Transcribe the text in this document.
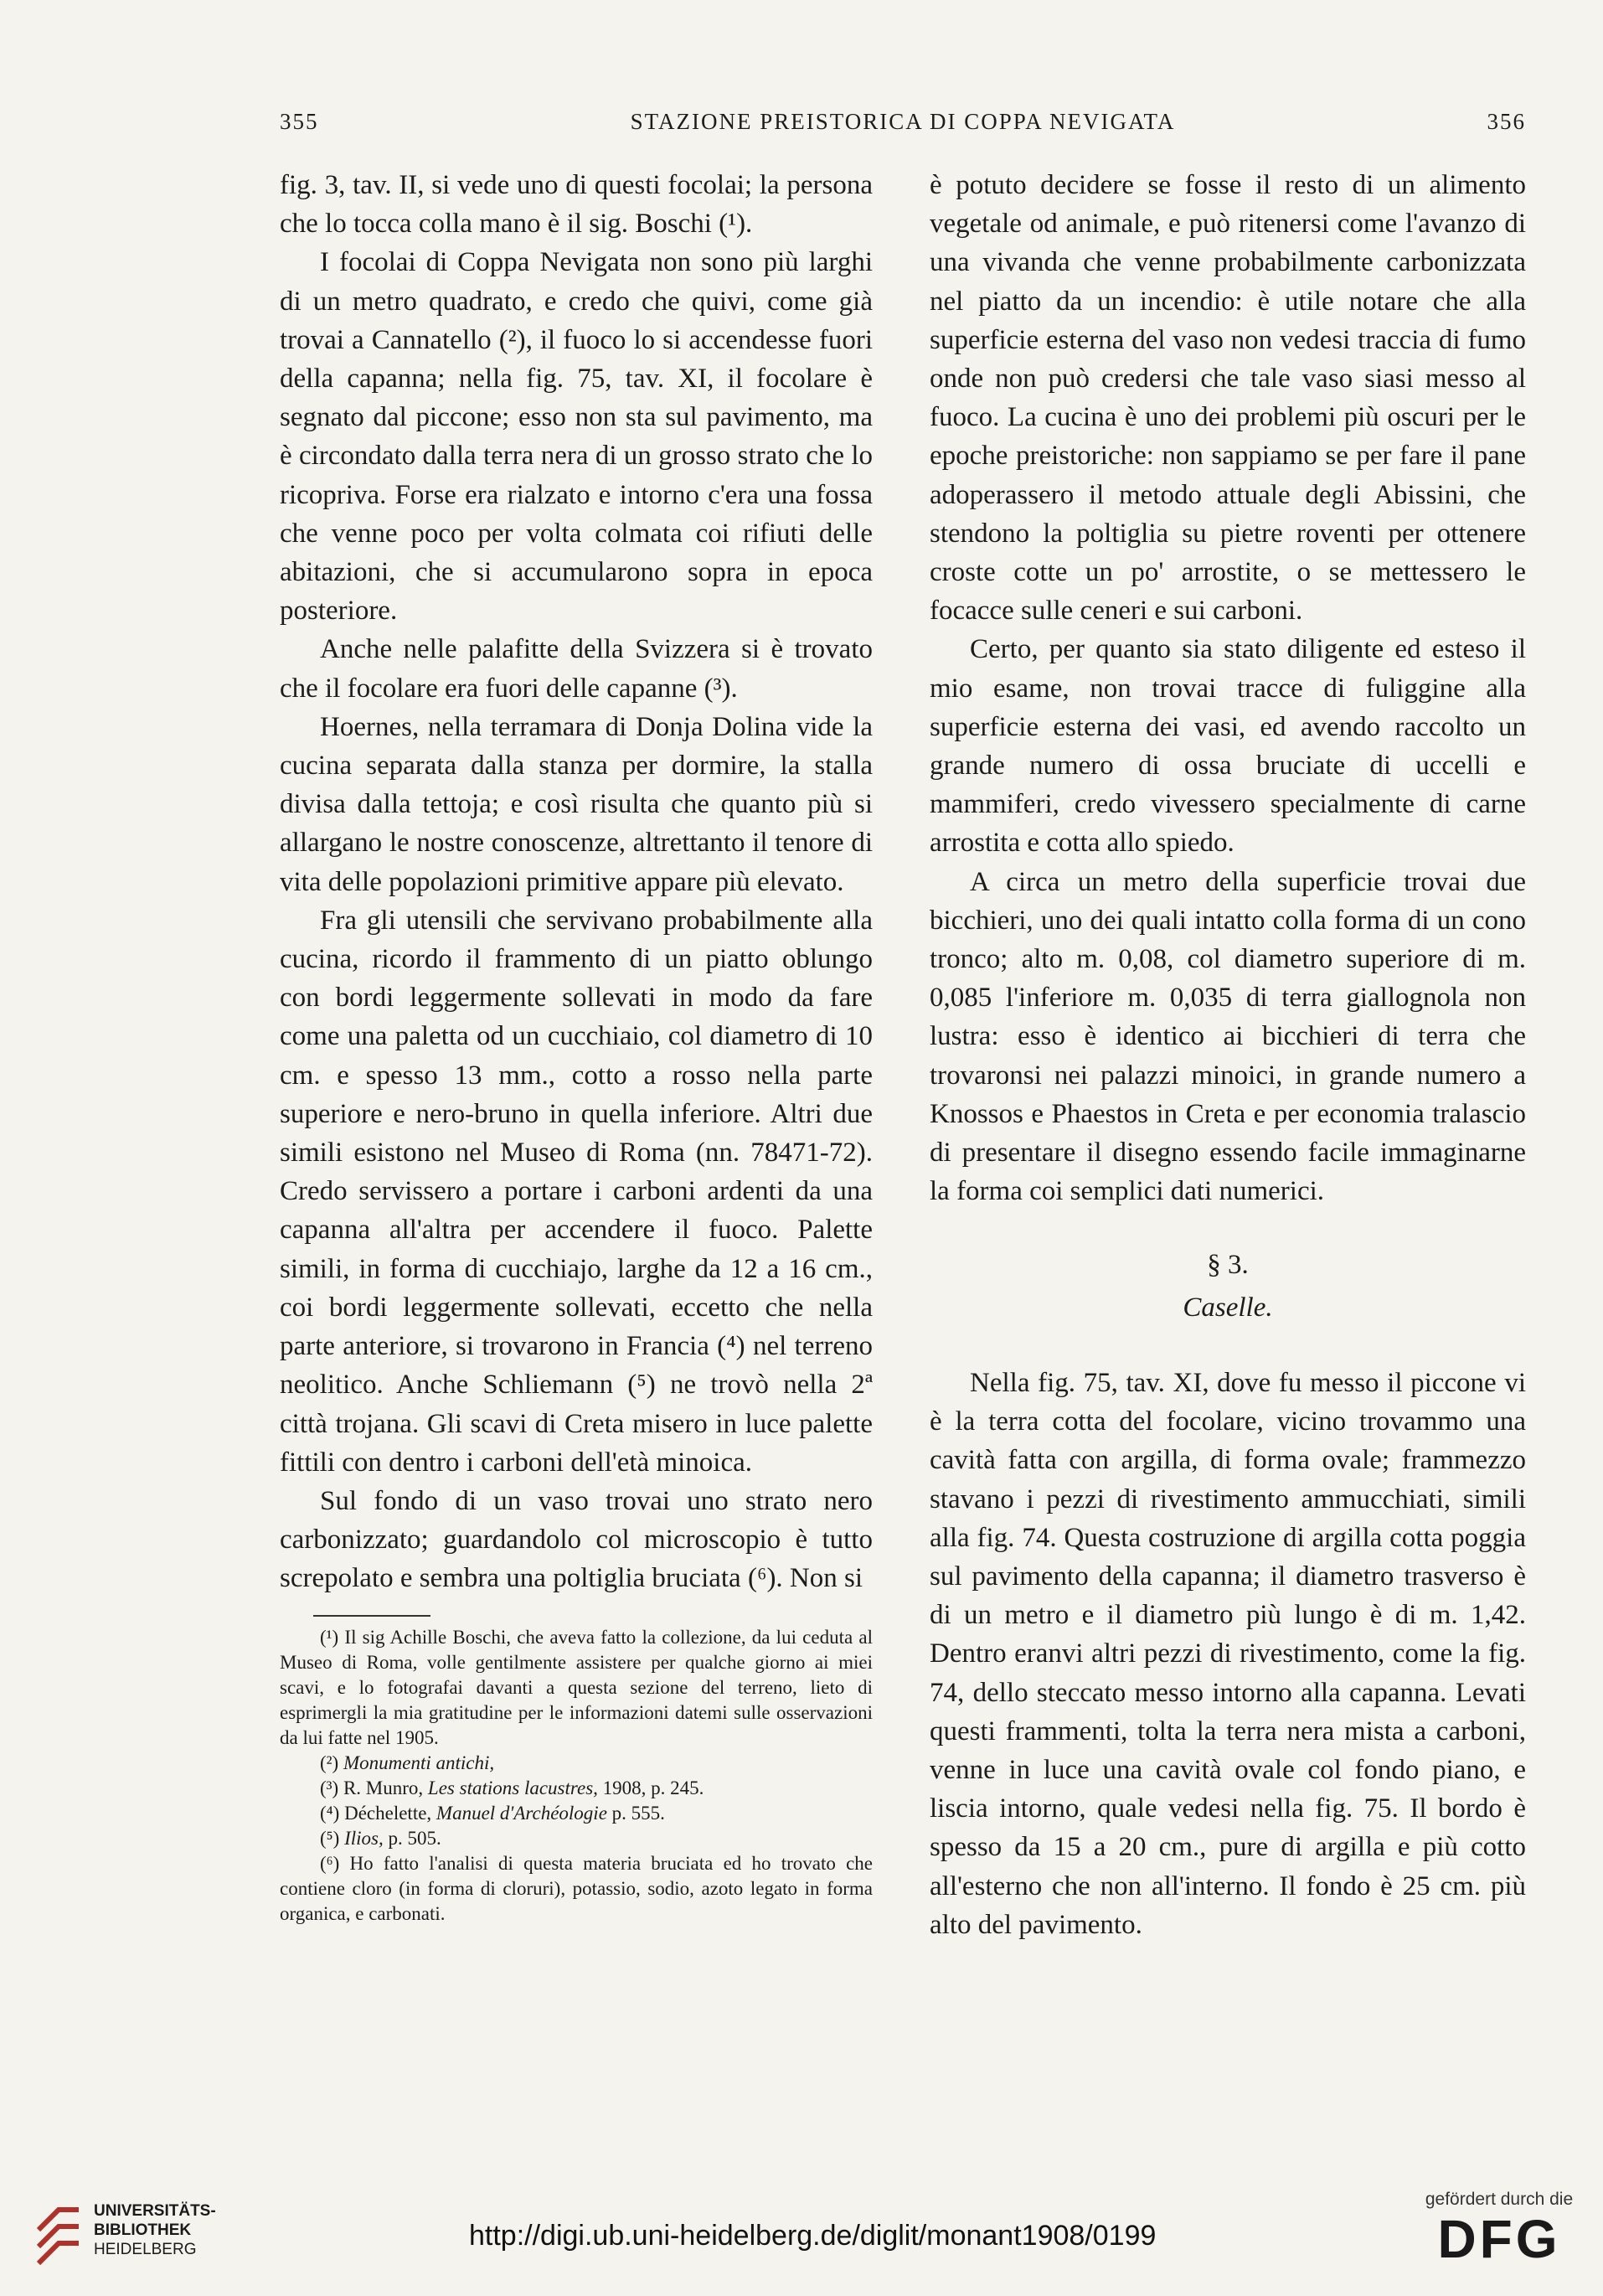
355	STAZIONE PREISTORICA DI COPPA NEVIGATA	356

fig. 3, tav. II, si vede uno di questi focolai; la persona che lo tocca colla mano è il sig. Boschi (¹).

I focolai di Coppa Nevigata non sono più larghi di un metro quadrato, e credo che quivi, come già trovai a Cannatello (²), il fuoco lo si accendesse fuori della capanna; nella fig. 75, tav. XI, il focolare è segnato dal piccone; esso non sta sul pavimento, ma è circondato dalla terra nera di un grosso strato che lo ricopriva. Forse era rialzato e intorno c'era una fossa che venne poco per volta colmata coi rifiuti delle abitazioni, che si accumularono sopra in epoca posteriore.

Anche nelle palafitte della Svizzera si è trovato che il focolare era fuori delle capanne (³).

Hoernes, nella terramara di Donja Dolina vide la cucina separata dalla stanza per dormire, la stalla divisa dalla tettoja; e così risulta che quanto più si allargano le nostre conoscenze, altrettanto il tenore di vita delle popolazioni primitive appare più elevato.

Fra gli utensili che servivano probabilmente alla cucina, ricordo il frammento di un piatto oblungo con bordi leggermente sollevati in modo da fare come una paletta od un cucchiaio, col diametro di 10 cm. e spesso 13 mm., cotto a rosso nella parte superiore e nero-bruno in quella inferiore. Altri due simili esistono nel Museo di Roma (nn. 78471-72). Credo servissero a portare i carboni ardenti da una capanna all'altra per accendere il fuoco. Palette simili, in forma di cucchiajo, larghe da 12 a 16 cm., coi bordi leggermente sollevati, eccetto che nella parte anteriore, si trovarono in Francia (⁴) nel terreno neolitico. Anche Schliemann (⁵) ne trovò nella 2ª città trojana. Gli scavi di Creta misero in luce palette fittili con dentro i carboni dell'età minoica.

Sul fondo di un vaso trovai uno strato nero carbonizzato; guardandolo col microscopio è tutto screpolato e sembra una poltiglia bruciata (⁶). Non si

(¹) Il sig Achille Boschi, che aveva fatto la collezione, da lui ceduta al Museo di Roma, volle gentilmente assistere per qualche giorno ai miei scavi, e lo fotografai davanti a questa sezione del terreno, lieto di esprimergli la mia gratitudine per le informazioni datemi sulle osservazioni da lui fatte nel 1905.

(²) Monumenti antichi,

(³) R. Munro, Les stations lacustres, 1908, p. 245.

(⁴) Déchelette, Manuel d'Archéologie p. 555.

(⁵) Ilios, p. 505.

(⁶) Ho fatto l'analisi di questa materia bruciata ed ho trovato che contiene cloro (in forma di cloruri), potassio, sodio, azoto legato in forma organica, e carbonati.

è potuto decidere se fosse il resto di un alimento vegetale od animale, e può ritenersi come l'avanzo di una vivanda che venne probabilmente carbonizzata nel piatto da un incendio: è utile notare che alla superficie esterna del vaso non vedesi traccia di fumo onde non può credersi che tale vaso siasi messo al fuoco. La cucina è uno dei problemi più oscuri per le epoche preistoriche: non sappiamo se per fare il pane adoperassero il metodo attuale degli Abissini, che stendono la poltiglia su pietre roventi per ottenere croste cotte un po' arrostite, o se mettessero le focacce sulle ceneri e sui carboni.

Certo, per quanto sia stato diligente ed esteso il mio esame, non trovai tracce di fuliggine alla superficie esterna dei vasi, ed avendo raccolto un grande numero di ossa bruciate di uccelli e mammiferi, credo vivessero specialmente di carne arrostita e cotta allo spiedo.

A circa un metro della superficie trovai due bicchieri, uno dei quali intatto colla forma di un cono tronco; alto m. 0,08, col diametro superiore di m. 0,085 l'inferiore m. 0,035 di terra giallognola non lustra: esso è identico ai bicchieri di terra che trovaronsi nei palazzi minoici, in grande numero a Knossos e Phaestos in Creta e per economia tralascio di presentare il disegno essendo facile immaginarne la forma coi semplici dati numerici.

§ 3.
Caselle.

Nella fig. 75, tav. XI, dove fu messo il piccone vi è la terra cotta del focolare, vicino trovammo una cavità fatta con argilla, di forma ovale; frammezzo stavano i pezzi di rivestimento ammucchiati, simili alla fig. 74. Questa costruzione di argilla cotta poggia sul pavimento della capanna; il diametro trasverso è di un metro e il diametro più lungo è di m. 1,42. Dentro eranvi altri pezzi di rivestimento, come la fig. 74, dello steccato messo intorno alla capanna. Levati questi frammenti, tolta la terra nera mista a carboni, venne in luce una cavità ovale col fondo piano, e liscia intorno, quale vedesi nella fig. 75. Il bordo è spesso da 15 a 20 cm., pure di argilla e più cotto all'esterno che non all'interno. Il fondo è 25 cm. più alto del pavimento.

UNIVERSITÄTS-
BIBLIOTHEK
HEIDELBERG	http://digi.ub.uni-heidelberg.de/diglit/monant1908/0199
gefördert durch die
DFG
